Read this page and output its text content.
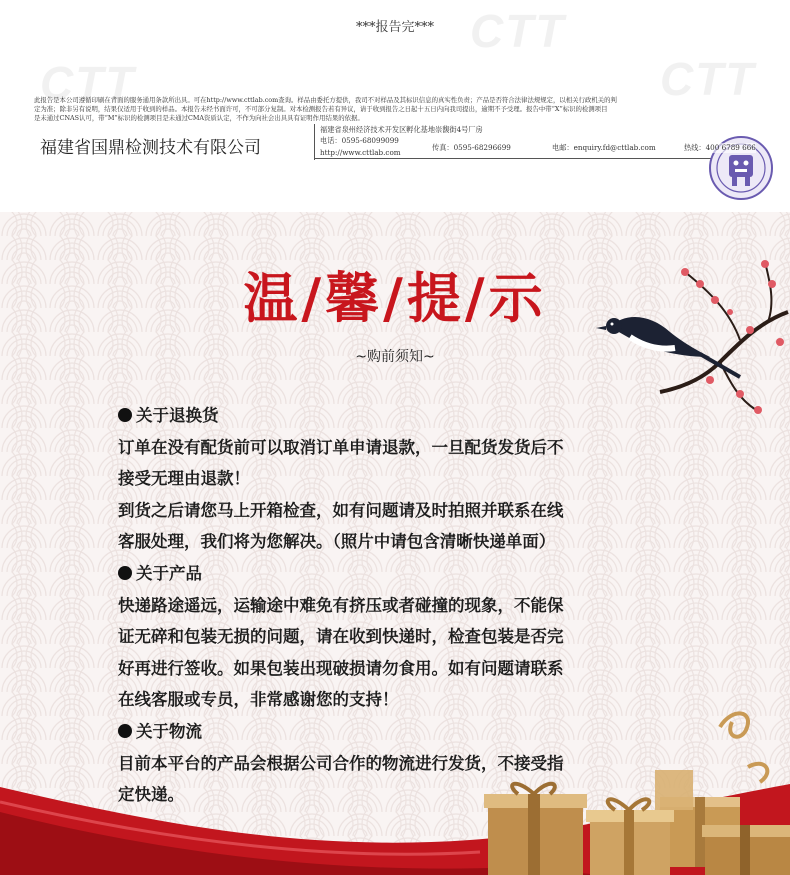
CTT
CTT
CTT
***报告完***
此报告是本公司遵循印刷在背面的服务通用条款所出具。可在http://www.cttlab.com查询。样品由委托方提供，我司不对样品及其标识信息的真实性负责；产品是否符合法律法规规定，以相关行政机关的判
定为准；除非另有说明，结果仅适用于收到的样品。本报告未经书面许可，不可部分复制。对本检测报告若有异议，请于收到报告之日起十五日内向我司提出，逾期不予受理。报告中带“X”标识的检测项目
是未通过CNAS认可，带“M”标识的检测项目是未通过CMA资质认定，不作为向社会出具具有证明作用结果的依据。
福建省国鼎检测技术有限公司
福建省泉州经济技术开发区孵化基地崇馥街4号厂房
电话：0595-68099099
传真：0595-68296699	电邮：enquiry.fd@cttlab.com
http://www.cttlab.com
热线：400 6789 666
温/馨/提/示
~购前须知~
关于退换货
订单在没有配货前可以取消订单申请退款，一旦配货发货后不
接受无理由退款！
到货之后请您马上开箱检查，如有问题请及时拍照并联系在线
客服处理，我们将为您解决。（照片中请包含清晰快递单面）
关于产品
快递路途遥远，运输途中难免有挤压或者碰撞的现象，不能保
证无碎和包装无损的问题，请在收到快递时，检查包装是否完
好再进行签收。如果包装出现破损请勿食用。如有问题请联系
在线客服或专员，非常感谢您的支持！
关于物流
目前本平台的产品会根据公司合作的物流进行发货，不接受指
定快递。
